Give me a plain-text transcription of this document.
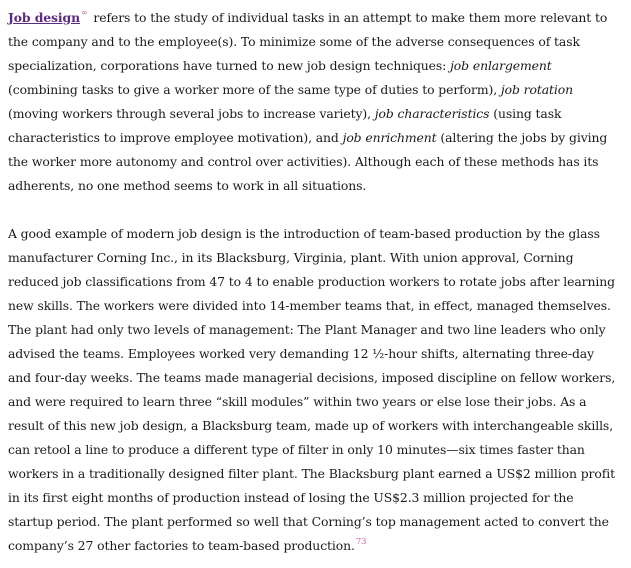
Job design∞ refers to the study of individual tasks in an attempt to make them more relevant to the company and to the employee(s). To minimize some of the adverse consequences of task specialization, corporations have turned to new job design techniques: job enlargement (combining tasks to give a worker more of the same type of duties to perform), job rotation (moving workers through several jobs to increase variety), job characteristics (using task characteristics to improve employee motivation), and job enrichment (altering the jobs by giving the worker more autonomy and control over activities). Although each of these methods has its adherents, no one method seems to work in all situations.

A good example of modern job design is the introduction of team-based production by the glass manufacturer Corning Inc., in its Blacksburg, Virginia, plant. With union approval, Corning reduced job classifications from 47 to 4 to enable production workers to rotate jobs after learning new skills. The workers were divided into 14-member teams that, in effect, managed themselves. The plant had only two levels of management: The Plant Manager and two line leaders who only advised the teams. Employees worked very demanding 12 ½-hour shifts, alternating three-day and four-day weeks. The teams made managerial decisions, imposed discipline on fellow workers, and were required to learn three “skill modules” within two years or else lose their jobs. As a result of this new job design, a Blacksburg team, made up of workers with interchangeable skills, can retool a line to produce a different type of filter in only 10 minutes—six times faster than workers in a traditionally designed filter plant. The Blacksburg plant earned a US$2 million profit in its first eight months of production instead of losing the US$2.3 million projected for the startup period. The plant performed so well that Corning’s top management acted to convert the company’s 27 other factories to team-based production.$^{73}$
